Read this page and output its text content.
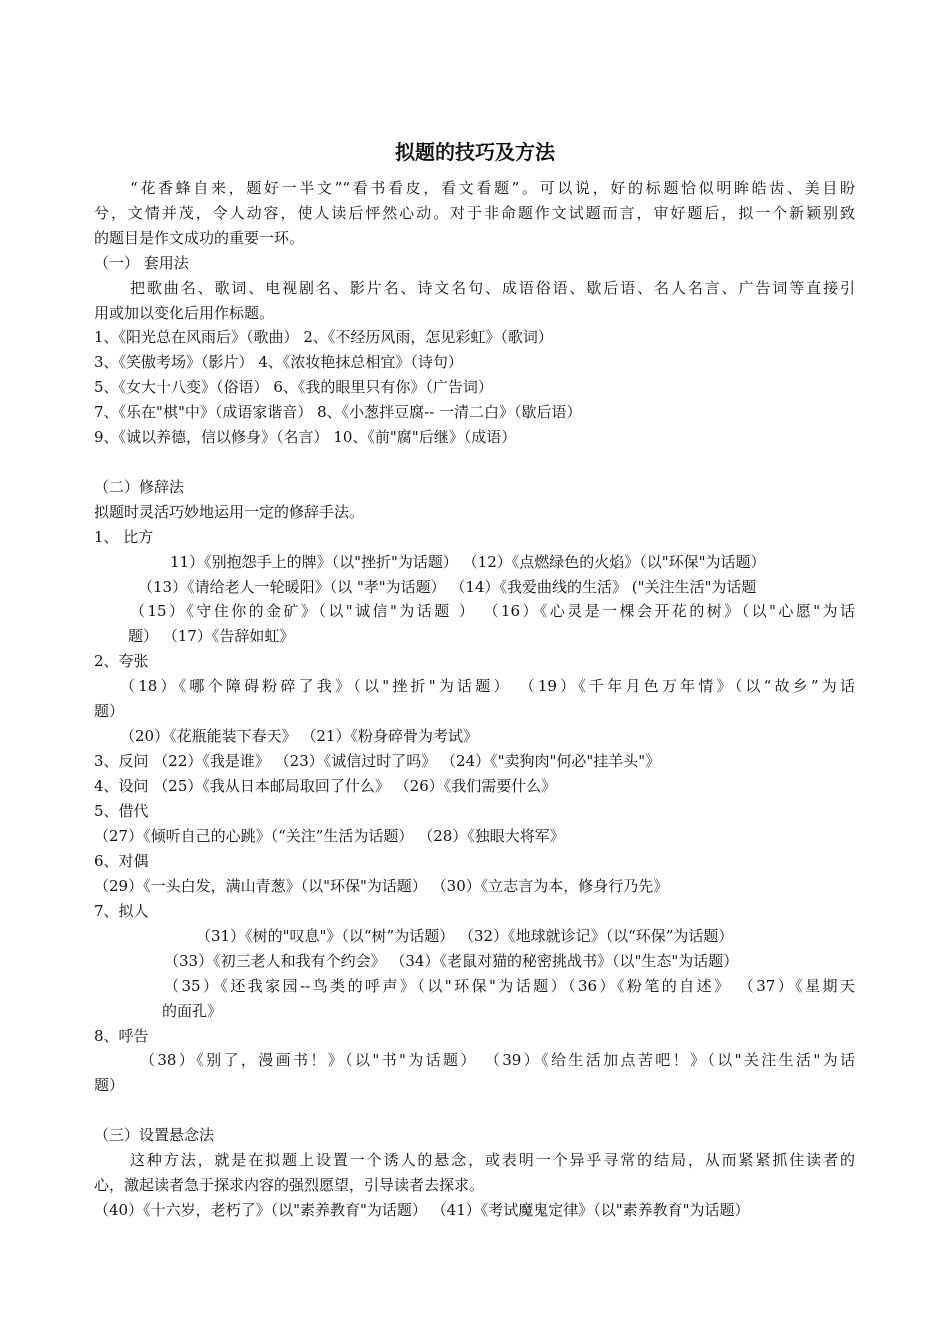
拟题的技巧及方法
“花香蜂自来，题好一半文”“看书看皮，看文看题”。可以说，好的标题恰似明眸皓齿、美目盼
兮，文情并茂，令人动容，使人读后怦然心动。对于非命题作文试题而言，审好题后，拟一个新颖别致
的题目是作文成功的重要一环。
（一） 套用法
把歌曲名、歌词、电视剧名、影片名、诗文名句、成语俗语、歇后语、名人名言、广告词等直接引
用或加以变化后用作标题。
1、《阳光总在风雨后》（歌曲） 2、《不经历风雨，怎见彩虹》（歌词）
3、《笑傲考场》（影片） 4、《浓妆艳抹总相宜》（诗句）
5、《女大十八变》（俗语） 6、《我的眼里只有你》（广告词）
7、《乐在"棋"中》（成语家谐音） 8、《小葱拌豆腐-- 一清二白》（歇后语）
9、《诚以养德，信以修身》（名言） 10、《前"腐"后继》（成语）
（二）修辞法
拟题时灵活巧妙地运用一定的修辞手法。
1、 比方
11）《别抱怨手上的牌》（以"挫折"为话题） （12）《点燃绿色的火焰》（以"环保"为话题）
（13）《请给老人一轮暖阳》（以 "孝"为话题） （14）《我爱曲线的生活》 ("关注生活"为话题
（15）《守住你的金矿》（以"诚信"为话题 ） （16）《心灵是一棵会开花的树》（以"心愿"为话
题） （17）《告辞如虹》
2、夸张
（18）《哪个障碍粉碎了我》（以"挫折"为话题） （19）《千年月色万年情》（以“故乡”为话
题）
（20）《花瓶能装下春天》 （21）《粉身碎骨为考试》
3、反问 （22）《我是谁》 （23）《诚信过时了吗》 （24）《"卖狗肉"何必"挂羊头"》
4、设问 （25）《我从日本邮局取回了什么》 （26）《我们需要什么》
5、借代
（27）《倾听自己的心跳》（“关注”生活为话题） （28）《独眼大将军》
6、对偶
（29）《一头白发，满山青葱》（以"环保"为话题） （30）《立志言为本，修身行乃先》
7、拟人
（31）《树的"叹息"》（以“树”为话题） （32）《地球就诊记》（以“环保”为话题）
（33）《初三老人和我有个约会》 （34）《老鼠对猫的秘密挑战书》（以"生态"为话题）
（35）《还我家园--鸟类的呼声》（以"环保"为话题）（36）《粉笔的自述》 （37）《星期天
的面孔》
8、呼告
（38）《别了，漫画书！》（以"书"为话题） （39）《给生活加点苦吧！》（以"关注生活"为话
题）
（三）设置悬念法
这种方法，就是在拟题上设置一个诱人的悬念，或表明一个异乎寻常的结局，从而紧紧抓住读者的
心，激起读者急于探求内容的强烈愿望，引导读者去探求。
（40）《十六岁，老朽了》（以"素养教育"为话题） （41）《考试魔鬼定律》（以"素养教育"为话题）
